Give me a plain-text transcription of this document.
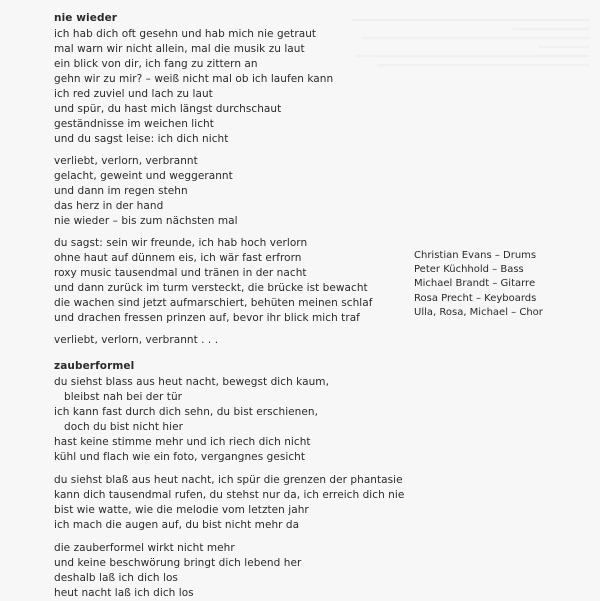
nie wieder
ich hab dich oft gesehn und hab mich nie getraut
mal warn wir nicht allein, mal die musik zu laut
ein blick von dir, ich fang zu zittern an
gehn wir zu mir? – weiß nicht mal ob ich laufen kann
ich red zuviel und lach zu laut
und spür, du hast mich längst durchschaut
geständnisse im weichen licht
und du sagst leise: ich dich nicht
verliebt, verlorn, verbrannt
gelacht, geweint und weggerannt
und dann im regen stehn
das herz in der hand
nie wieder – bis zum nächsten mal
du sagst: sein wir freunde, ich hab hoch verlorn
ohne haut auf dünnem eis, ich wär fast erfrorn
roxy music tausendmal und tränen in der nacht
und dann zurück im turm versteckt, die brücke ist bewacht
die wachen sind jetzt aufmarschiert, behüten meinen schlaf
und drachen fressen prinzen auf, bevor ihr blick mich traf
verliebt, verlorn, verbrannt . . .
Christian Evans – Drums
Peter Küchhold – Bass
Michael Brandt – Gitarre
Rosa Precht – Keyboards
Ulla, Rosa, Michael – Chor
zauberformel
du siehst blass aus heut nacht, bewegst dich kaum,
bleibst nah bei der tür
ich kann fast durch dich sehn, du bist erschienen,
doch du bist nicht hier
hast keine stimme mehr und ich riech dich nicht
kühl und flach wie ein foto, vergangnes gesicht
du siehst blaß aus heut nacht, ich spür die grenzen der phantasie
kann dich tausendmal rufen, du stehst nur da, ich erreich dich nie
bist wie watte, wie die melodie vom letzten jahr
ich mach die augen auf, du bist nicht mehr da
die zauberformel wirkt nicht mehr
und keine beschwörung bringt dich lebend her
deshalb laß ich dich los
heut nacht laß ich dich los
